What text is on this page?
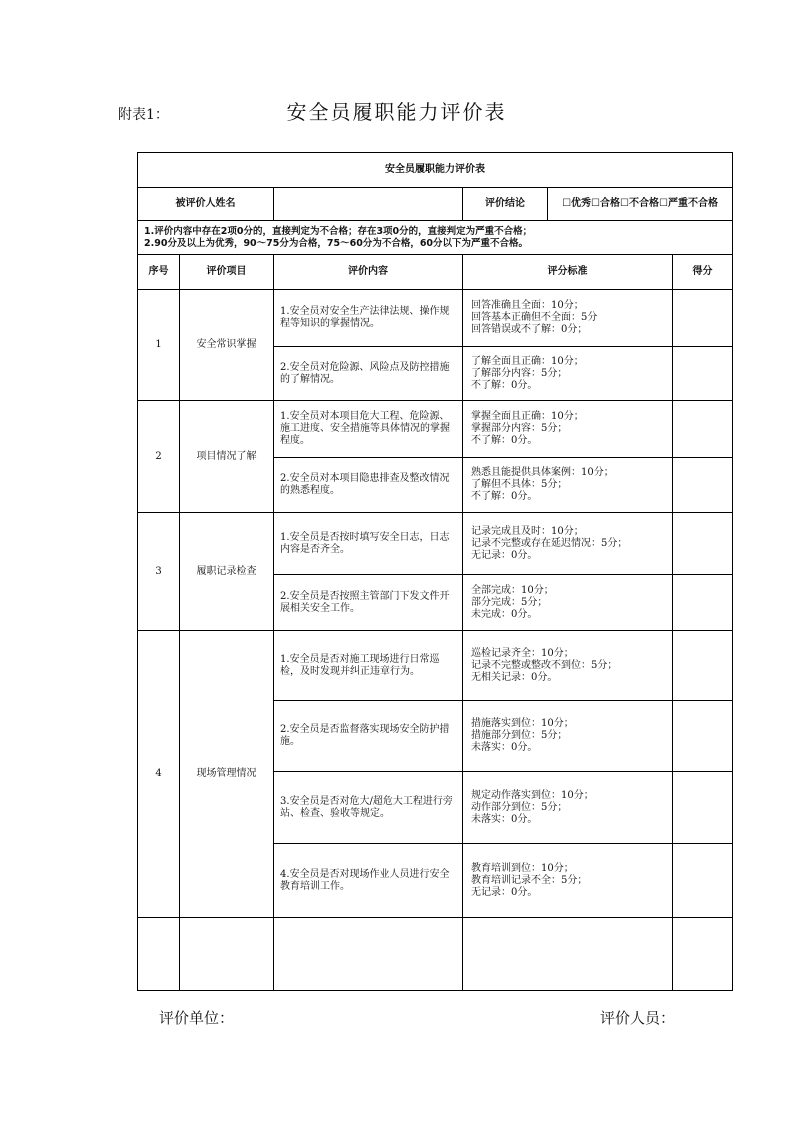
附表1：	安全员履职能力评价表
安全员履职能力评价表				
被评价人姓名			评价结论 ☐优秀☐合格☐不合格☐严重不合格	

1.评价内容中存在2项0分的，直接判定为不合格；存在3项0分的，直接判定为严重不合格；
2.90分及以上为优秀，90～75分为合格，75～60分为不合格，60分以下为严重不合格。				

序号	评价项目	评价内容	评分标准	得分
1	安全常识掌握	1.安全员对安全生产法律法规、操作规程等知识的掌握情况。	回答准确且全面：10分；
回答基本正确但不全面：5分
回答错误或不了解：0分；	

		2.安全员对危险源、风险点及防控措施的了解情况。	了解全面且正确：10分；
了解部分内容：5分；
不了解：0分。	

2	项目情况了解	1.安全员对本项目危大工程、危险源、施工进度、安全措施等具体情况的掌握程度。	掌握全面且正确：10分；
掌握部分内容：5分；
不了解：0分。	

		2.安全员对本项目隐患排查及整改情况的熟悉程度。	熟悉且能提供具体案例：10分；
了解但不具体：5分；
不了解：0分。	

3	履职记录检查	1.安全员是否按时填写安全日志，日志内容是否齐全。	记录完成且及时：10分；
记录不完整或存在延迟情况：5分；
无记录：0分。	

		2.安全员是否按照主管部门下发文件开展相关安全工作。	全部完成：10分；
部分完成：5分；
未完成：0分。	

4	现场管理情况	1.安全员是否对施工现场进行日常巡检，及时发现并纠正违章行为。	巡检记录齐全：10分；
记录不完整或整改不到位：5分；
无相关记录：0分。	

		2.安全员是否监督落实现场安全防护措施。	措施落实到位：10分；
措施部分到位：5分；
未落实：0分。	

		3.安全员是否对危大/超危大工程进行旁站、检查、验收等规定。	规定动作落实到位：10分；
动作部分到位：5分；
未落实：0分。	

		4.安全员是否对现场作业人员进行安全教育培训工作。	教育培训到位：10分；
教育培训记录不全：5分；
无记录：0分。	

评价单位：	评价人员：
